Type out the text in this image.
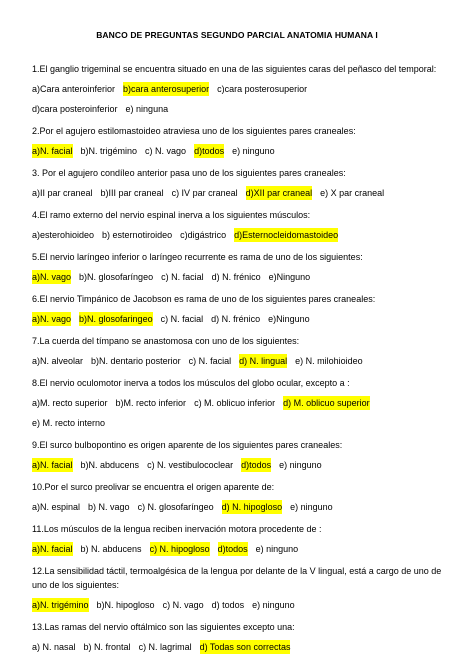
BANCO DE PREGUNTAS SEGUNDO PARCIAL ANATOMIA HUMANA I
1.El ganglio trigeminal se encuentra situado en una de las siguientes caras del peñasco del temporal:
a)Cara anteroinferior b)cara anterosuperior c)cara posterosuperior
d)cara posteroinferior e) ninguna
2.Por el agujero estilomastoideo atraviesa uno de los siguientes pares craneales:
a)N. facial b)N. trigémino c) N. vago d)todos e) ninguno
3. Por el agujero condíleo anterior pasa uno de los siguientes pares craneales:
a)II par craneal b)III par craneal c) IV par craneal d)XII par craneal e) X par craneal
4.El ramo externo del nervio espinal inerva a los siguientes músculos:
a)esterohioideo b) esternotiroideo c)digástrico d)Esternocleidomastoideo
5.El nervio laríngeo inferior o laríngeo recurrente es rama de uno de los siguientes:
a)N. vago b)N. glosofaríngeo c) N. facial d) N. frénico e)Ninguno
6.El nervio Timpánico de Jacobson es rama de uno de los siguientes pares craneales:
a)N. vago b)N. glosofaringeo c) N. facial d) N. frénico e)Ninguno
7.La cuerda del tímpano se anastomosa con uno de los siguientes:
a)N. alveolar b)N. dentario posterior c) N. facial d) N. lingual e) N. milohioideo
8.El nervio oculomotor inerva a todos los músculos del globo ocular, excepto a :
a)M. recto superior b)M. recto inferior c) M. oblicuo inferior d) M. oblicuo superior
e) M. recto interno
9.El surco bulbopontino es origen aparente de los siguientes pares craneales:
a)N. facial b)N. abducens c) N. vestibulococlear d)todos e) ninguno
10.Por el surco preolivar se encuentra el origen aparente de:
a)N. espinal b) N. vago c) N. glosofaríngeo d) N. hipogloso e) ninguno
11.Los músculos de la lengua reciben inervación motora procedente de :
a)N. facial b) N. abducens c) N. hipogloso d)todos e) ninguno
12.La sensibilidad táctil, termoalgésica de la lengua por delante de la V lingual, está a cargo de uno de uno de los siguientes:
a)N. trigémino b)N. hipogloso c) N. vago d) todos e) ninguno
13.Las ramas del nervio oftálmico son las siguientes excepto una:
a) N. nasal b) N. frontal c) N. lagrimal d) Todas son correctas
